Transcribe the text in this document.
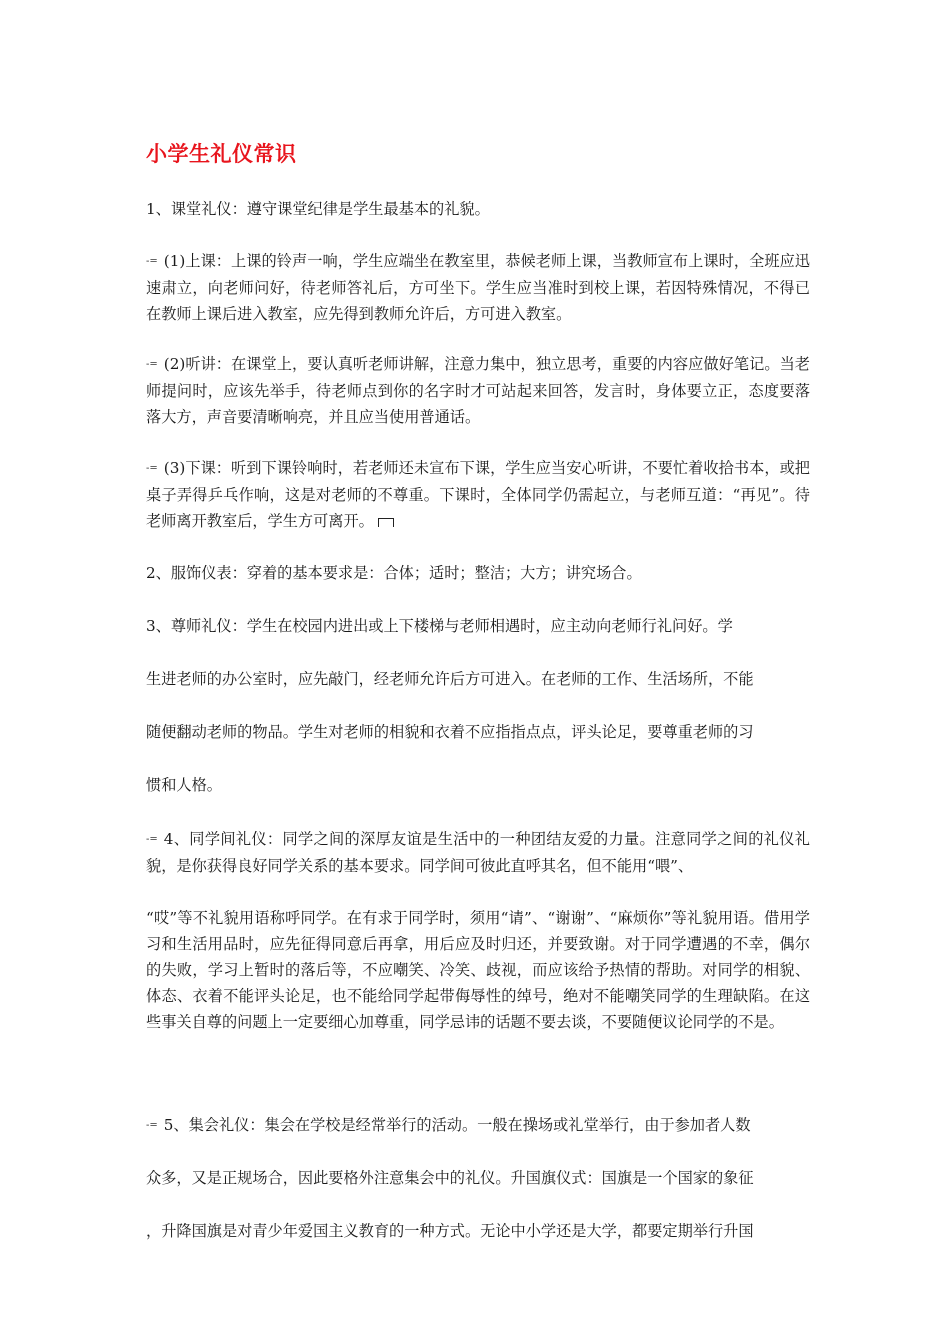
小学生礼仪常识
1、课堂礼仪：遵守课堂纪律是学生最基本的礼貌。

-= (1)上课：上课的铃声一响，学生应端坐在教室里，恭候老师上课，当教师宣布上课时，全班应迅速肃立，向老师问好，待老师答礼后，方可坐下。学生应当准时到校上课，若因特殊情况，不得已在教师上课后进入教室，应先得到教师允许后，方可进入教室。

-= (2)听讲：在课堂上，要认真听老师讲解，注意力集中，独立思考，重要的内容应做好笔记。当老师提问时，应该先举手，待老师点到你的名字时才可站起来回答，发言时，身体要立正，态度要落落大方，声音要清晰响亮，并且应当使用普通话。

-= (3)下课：听到下课铃响时，若老师还未宣布下课，学生应当安心听讲，不要忙着收拾书本，或把桌子弄得乒乓作响，这是对老师的不尊重。下课时，全体同学仍需起立，与老师互道：“再见”。待老师离开教室后，学生方可离开。

2、服饰仪表：穿着的基本要求是：合体；适时；整洁；大方；讲究场合。
3、尊师礼仪：学生在校园内进出或上下楼梯与老师相遇时，应主动向老师行礼问好。学
生进老师的办公室时，应先敲门，经老师允许后方可进入。在老师的工作、生活场所，不能
随便翻动老师的物品。学生对老师的相貌和衣着不应指指点点，评头论足，要尊重老师的习
惯和人格。

-= 4、同学间礼仪：同学之间的深厚友谊是生活中的一种团结友爱的力量。注意同学之间的礼仪礼貌，是你获得良好同学关系的基本要求。同学间可彼此直呼其名，但不能用“喂”、

“哎”等不礼貌用语称呼同学。在有求于同学时，须用“请”、“谢谢”、“麻烦你”等礼貌用语。借用学习和生活用品时，应先征得同意后再拿，用后应及时归还，并要致谢。对于同学遭遇的不幸，偶尔的失败，学习上暂时的落后等，不应嘲笑、冷笑、歧视，而应该给予热情的帮助。对同学的相貌、体态、衣着不能评头论足，也不能给同学起带侮辱性的绰号，绝对不能嘲笑同学的生理缺陷。在这些事关自尊的问题上一定要细心加尊重，同学忌讳的话题不要去谈，不要随便议论同学的不是。

-= 5、集会礼仪：集会在学校是经常举行的活动。一般在操场或礼堂举行，由于参加者人数
众多，又是正规场合，因此要格外注意集会中的礼仪。升国旗仪式：国旗是一个国家的象征
，升降国旗是对青少年爱国主义教育的一种方式。无论中小学还是大学，都要定期举行升国
